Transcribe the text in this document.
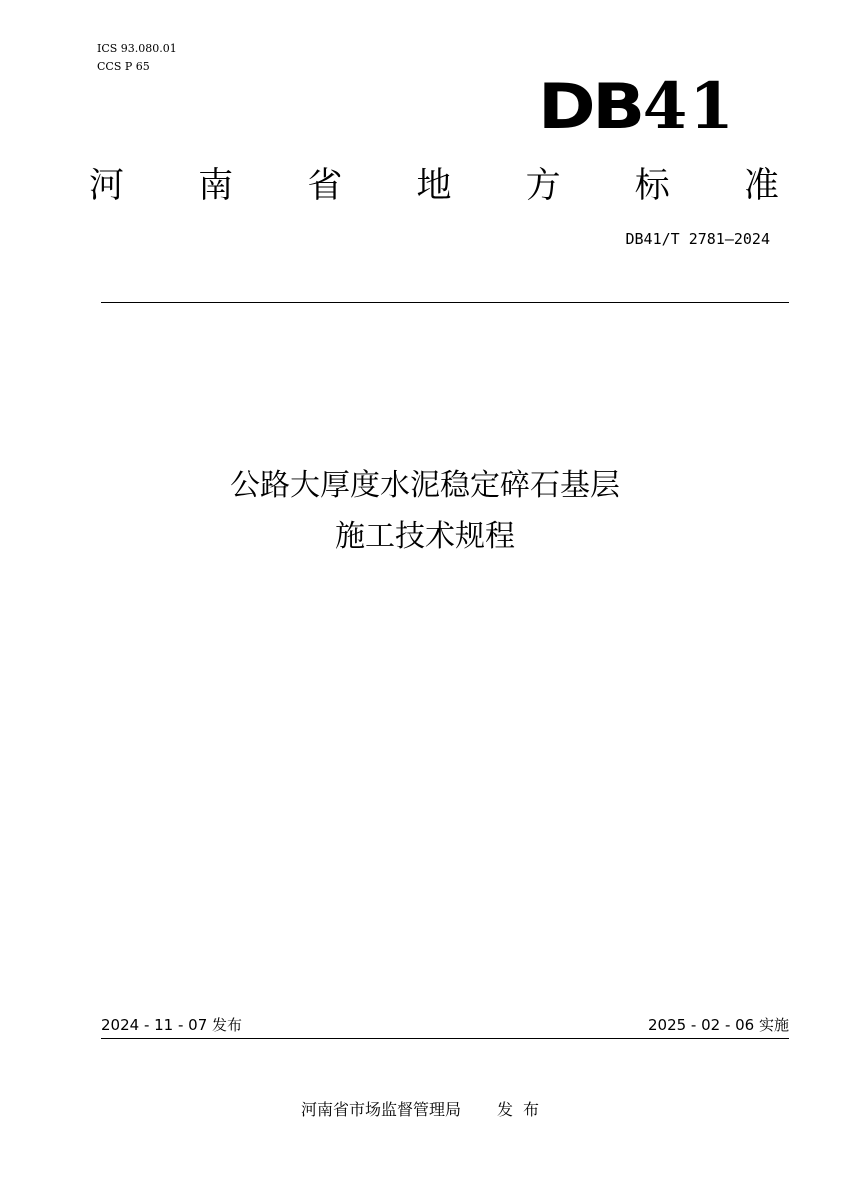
ICS 93.080.01
CCS P 65
DB 41
河 南 省 地 方 标 准
DB41/T 2781—2024
公路大厚度水泥稳定碎石基层
施工技术规程
2024 - 11 - 07 发布	2025 - 02 - 06 实施
河南省市场监督管理局 发布
